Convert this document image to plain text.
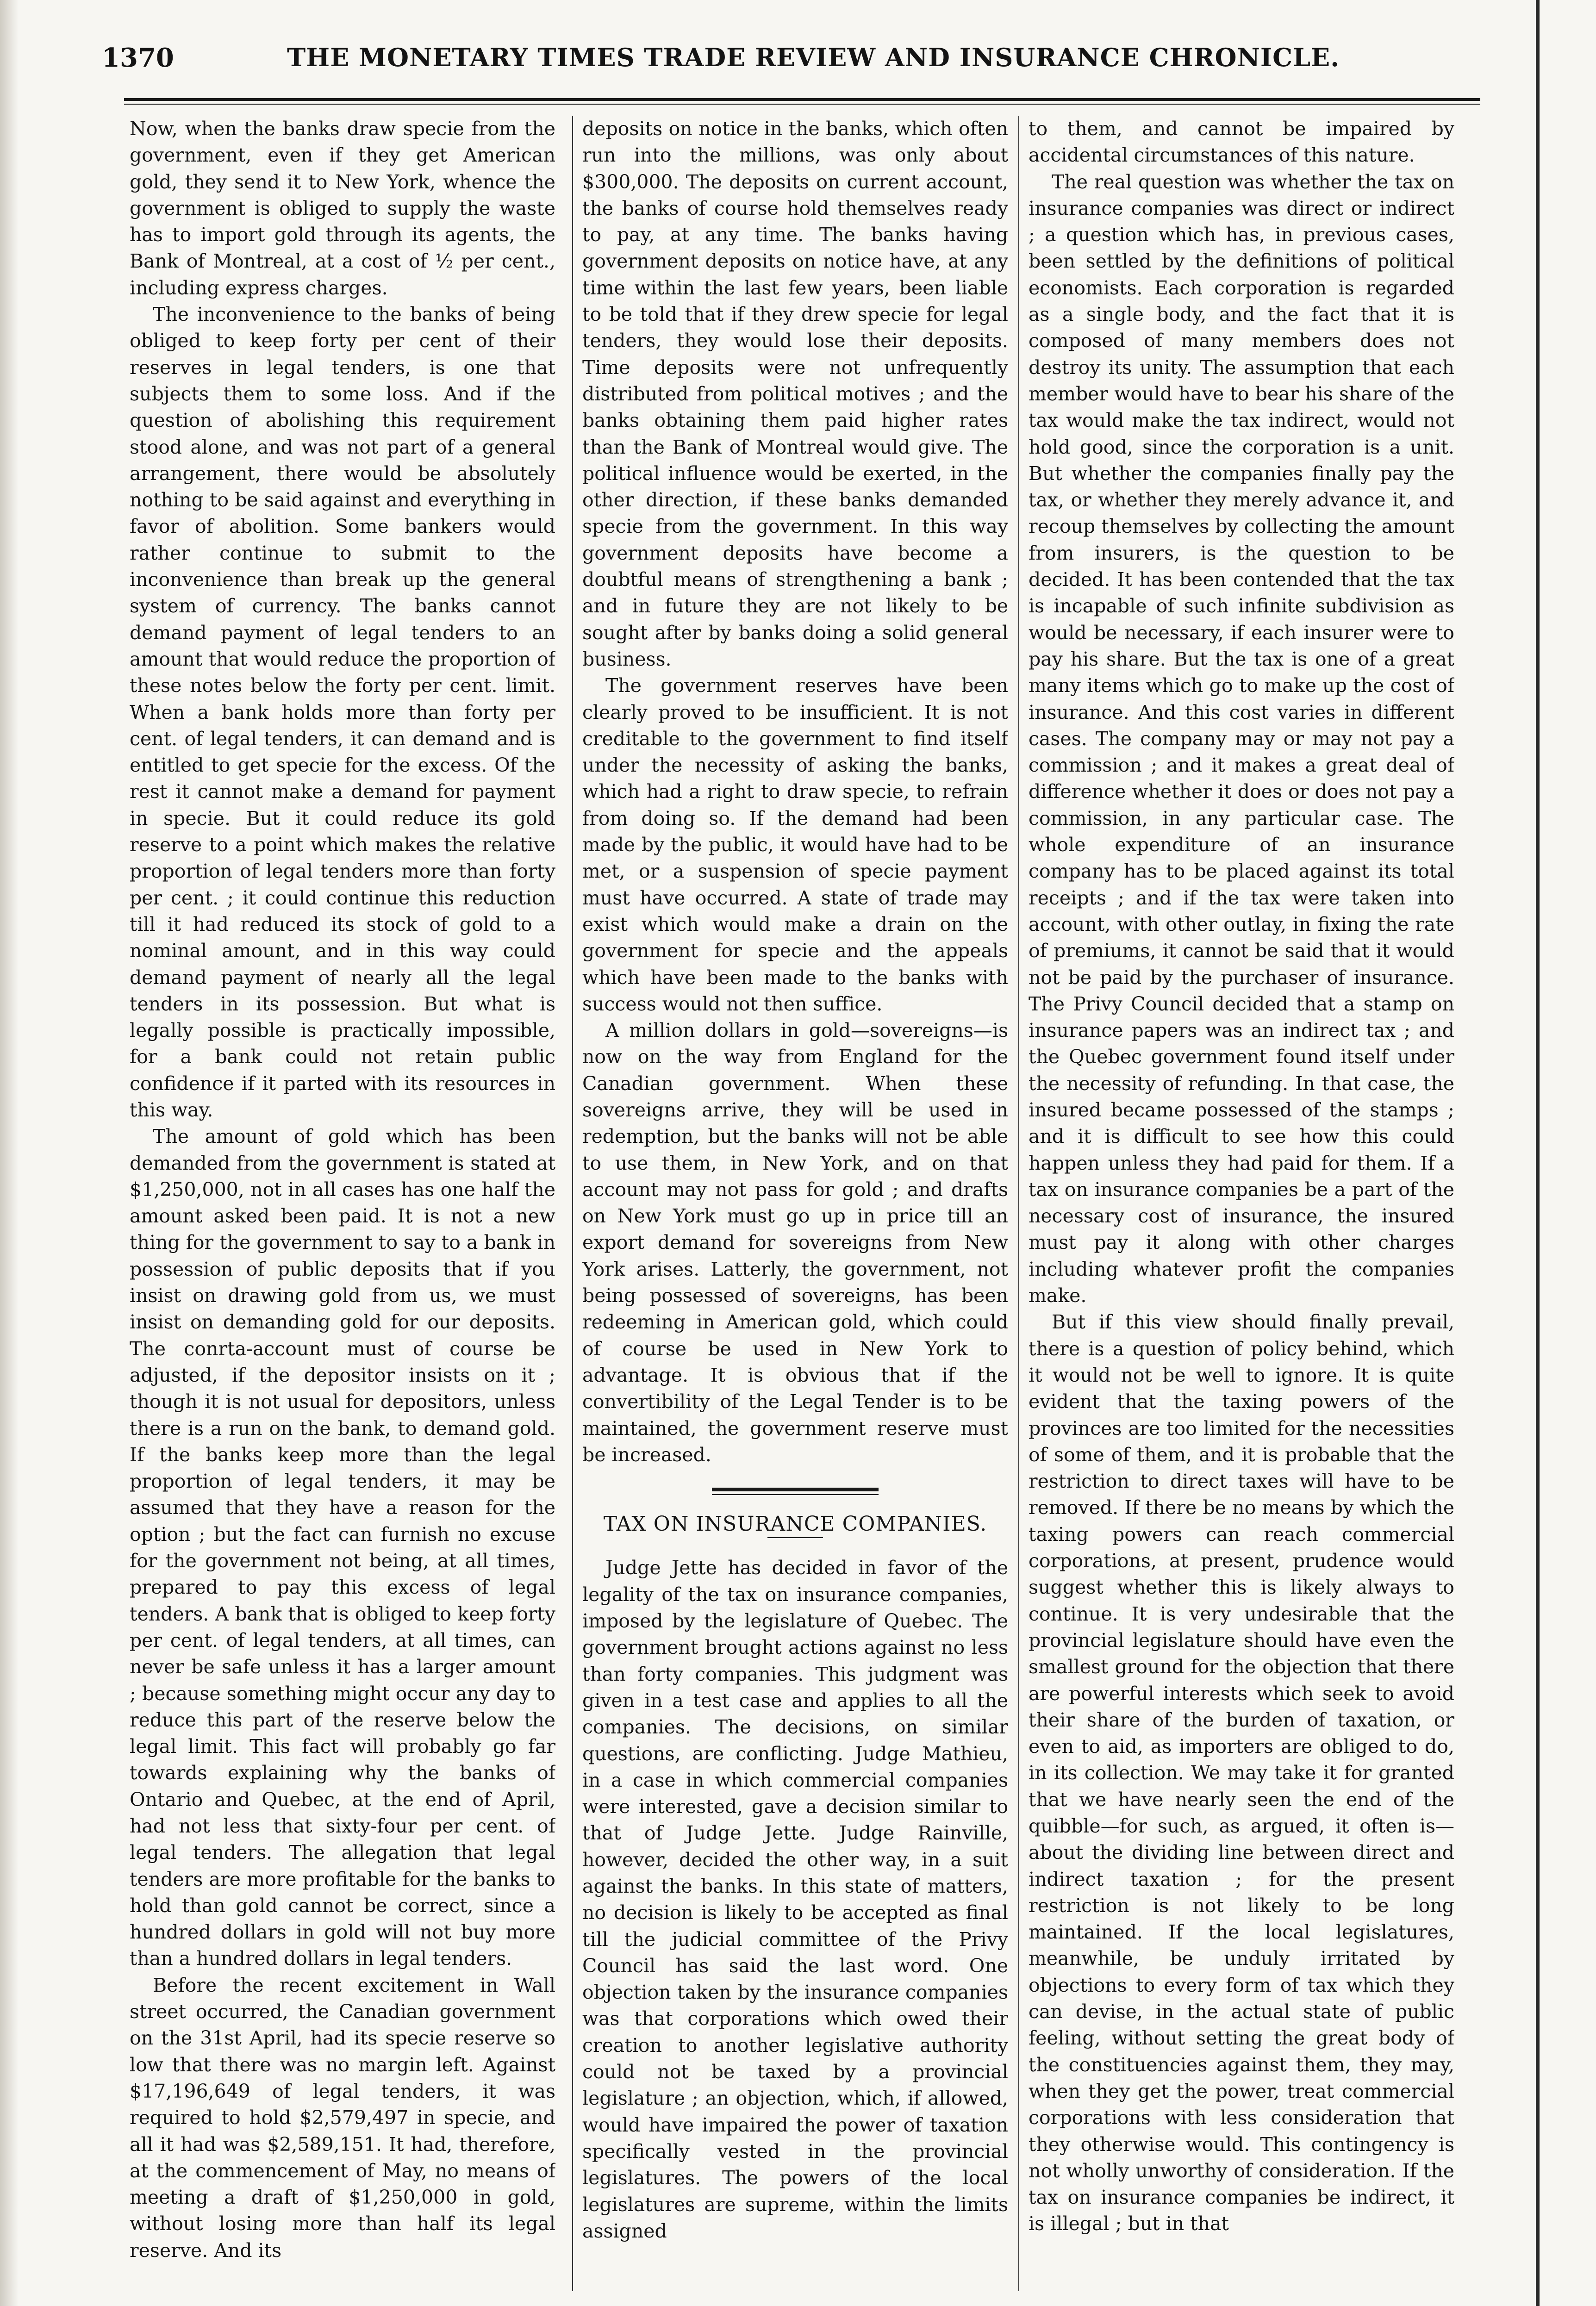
1370	THE MONETARY TIMES TRADE REVIEW AND INSURANCE CHRONICLE.

Now, when the banks draw specie from the government, even if they get American gold, they send it to New York, whence the government is obliged to supply the waste has to import gold through its agents, the Bank of Montreal, at a cost of ½ per cent., including express charges.

The inconvenience to the banks of being obliged to keep forty per cent of their reserves in legal tenders, is one that subjects them to some loss. And if the question of abolishing this requirement stood alone, and was not part of a general arrangement, there would be absolutely nothing to be said against and everything in favor of abolition. Some bankers would rather continue to submit to the inconvenience than break up the general system of currency. The banks cannot demand payment of legal tenders to an amount that would reduce the proportion of these notes below the forty per cent. limit. When a bank holds more than forty per cent. of legal tenders, it can demand and is entitled to get specie for the excess. Of the rest it cannot make a demand for payment in specie. But it could reduce its gold reserve to a point which makes the relative proportion of legal tenders more than forty per cent. ; it could continue this reduction till it had reduced its stock of gold to a nominal amount, and in this way could demand payment of nearly all the legal tenders in its possession. But what is legally possible is practically impossible, for a bank could not retain public confidence if it parted with its resources in this way.

The amount of gold which has been demanded from the government is stated at $1,250,000, not in all cases has one half the amount asked been paid. It is not a new thing for the government to say to a bank in possession of public deposits that if you insist on drawing gold from us, we must insist on demanding gold for our deposits. The conrta-account must of course be adjusted, if the depositor insists on it ; though it is not usual for depositors, unless there is a run on the bank, to demand gold. If the banks keep more than the legal proportion of legal tenders, it may be assumed that they have a reason for the option ; but the fact can furnish no excuse for the government not being, at all times, prepared to pay this excess of legal tenders. A bank that is obliged to keep forty per cent. of legal tenders, at all times, can never be safe unless it has a larger amount ; because something might occur any day to reduce this part of the reserve below the legal limit. This fact will probably go far towards explaining why the banks of Ontario and Quebec, at the end of April, had not less that sixty-four per cent. of legal tenders. The allegation that legal tenders are more profitable for the banks to hold than gold cannot be correct, since a hundred dollars in gold will not buy more than a hundred dollars in legal tenders.

Before the recent excitement in Wall street occurred, the Canadian government on the 31st April, had its specie reserve so low that there was no margin left. Against $17,196,649 of legal tenders, it was required to hold $2,579,497 in specie, and all it had was $2,589,151. It had, therefore, at the commencement of May, no means of meeting a draft of $1,250,000 in gold, without losing more than half its legal reserve. And its

deposits on notice in the banks, which often run into the millions, was only about $300,000. The deposits on current account, the banks of course hold themselves ready to pay, at any time. The banks having government deposits on notice have, at any time within the last few years, been liable to be told that if they drew specie for legal tenders, they would lose their deposits. Time deposits were not unfrequently distributed from political motives ; and the banks obtaining them paid higher rates than the Bank of Montreal would give. The political influence would be exerted, in the other direction, if these banks demanded specie from the government. In this way government deposits have become a doubtful means of strengthening a bank ; and in future they are not likely to be sought after by banks doing a solid general business.

The government reserves have been clearly proved to be insufficient. It is not creditable to the government to find itself under the necessity of asking the banks, which had a right to draw specie, to refrain from doing so. If the demand had been made by the public, it would have had to be met, or a suspension of specie payment must have occurred. A state of trade may exist which would make a drain on the government for specie and the appeals which have been made to the banks with success would not then suffice.

A million dollars in gold—sovereigns—is now on the way from England for the Canadian government. When these sovereigns arrive, they will be used in redemption, but the banks will not be able to use them, in New York, and on that account may not pass for gold ; and drafts on New York must go up in price till an export demand for sovereigns from New York arises. Latterly, the government, not being possessed of sovereigns, has been redeeming in American gold, which could of course be used in New York to advantage. It is obvious that if the convertibility of the Legal Tender is to be maintained, the government reserve must be increased.

TAX ON INSURANCE COMPANIES.

Judge Jette has decided in favor of the legality of the tax on insurance companies, imposed by the legislature of Quebec. The government brought actions against no less than forty companies. This judgment was given in a test case and applies to all the companies. The decisions, on similar questions, are conflicting. Judge Mathieu, in a case in which commercial companies were interested, gave a decision similar to that of Judge Jette. Judge Rainville, however, decided the other way, in a suit against the banks. In this state of matters, no decision is likely to be accepted as final till the judicial committee of the Privy Council has said the last word. One objection taken by the insurance companies was that corporations which owed their creation to another legislative authority could not be taxed by a provincial legislature ; an objection, which, if allowed, would have impaired the power of taxation specifically vested in the provincial legislatures. The powers of the local legislatures are supreme, within the limits assigned

to them, and cannot be impaired by accidental circumstances of this nature.

The real question was whether the tax on insurance companies was direct or indirect ; a question which has, in previous cases, been settled by the definitions of political economists. Each corporation is regarded as a single body, and the fact that it is composed of many members does not destroy its unity. The assumption that each member would have to bear his share of the tax would make the tax indirect, would not hold good, since the corporation is a unit. But whether the companies finally pay the tax, or whether they merely advance it, and recoup themselves by collecting the amount from insurers, is the question to be decided. It has been contended that the tax is incapable of such infinite subdivision as would be necessary, if each insurer were to pay his share. But the tax is one of a great many items which go to make up the cost of insurance. And this cost varies in different cases. The company may or may not pay a commission ; and it makes a great deal of difference whether it does or does not pay a commission, in any particular case. The whole expenditure of an insurance company has to be placed against its total receipts ; and if the tax were taken into account, with other outlay, in fixing the rate of premiums, it cannot be said that it would not be paid by the purchaser of insurance. The Privy Council decided that a stamp on insurance papers was an indirect tax ; and the Quebec government found itself under the necessity of refunding. In that case, the insured became possessed of the stamps ; and it is difficult to see how this could happen unless they had paid for them. If a tax on insurance companies be a part of the necessary cost of insurance, the insured must pay it along with other charges including whatever profit the companies make.

But if this view should finally prevail, there is a question of policy behind, which it would not be well to ignore. It is quite evident that the taxing powers of the provinces are too limited for the necessities of some of them, and it is probable that the restriction to direct taxes will have to be removed. If there be no means by which the taxing powers can reach commercial corporations, at present, prudence would suggest whether this is likely always to continue. It is very undesirable that the provincial legislature should have even the smallest ground for the objection that there are powerful interests which seek to avoid their share of the burden of taxation, or even to aid, as importers are obliged to do, in its collection. We may take it for granted that we have nearly seen the end of the quibble—for such, as argued, it often is—about the dividing line between direct and indirect taxation ; for the present restriction is not likely to be long maintained. If the local legislatures, meanwhile, be unduly irritated by objections to every form of tax which they can devise, in the actual state of public feeling, without setting the great body of the constituencies against them, they may, when they get the power, treat commercial corporations with less consideration that they otherwise would. This contingency is not wholly unworthy of consideration. If the tax on insurance companies be indirect, it is illegal ; but in that
